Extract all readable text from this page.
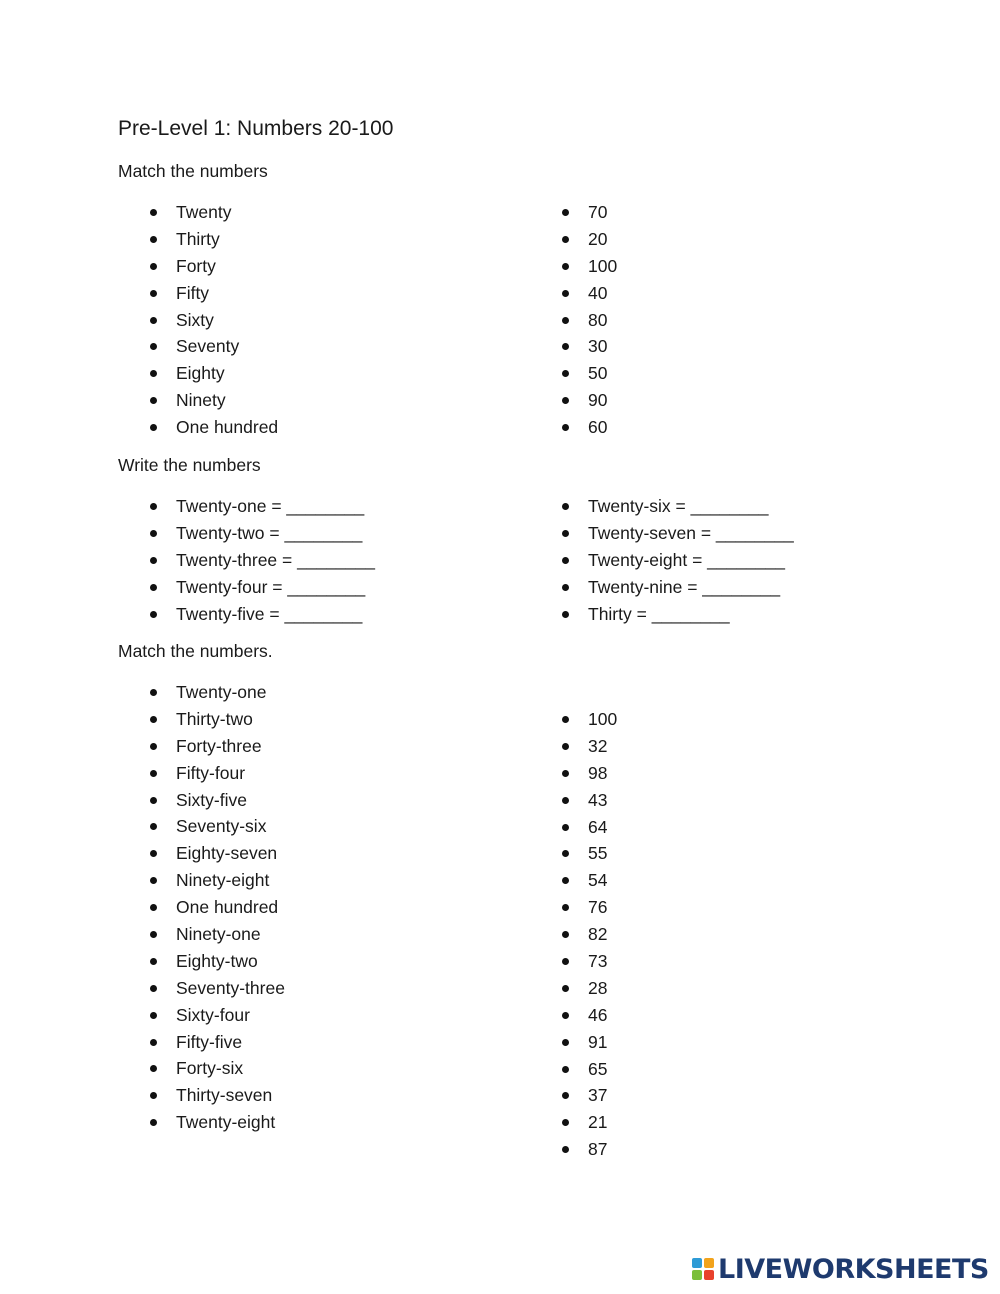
Pre-Level 1: Numbers 20-100

Match the numbers

Twenty
Thirty
Forty
Fifty
Sixty
Seventy
Eighty
Ninety
One hundred
70
20
100
40
80
30
50
90
60

Write the numbers

Twenty-one = ________
Twenty-two = ________
Twenty-three = ________
Twenty-four = ________
Twenty-five = ________
Twenty-six = ________
Twenty-seven = ________
Twenty-eight = ________
Twenty-nine = ________
Thirty = ________

Match the numbers.

Twenty-one
Thirty-two
Forty-three
Fifty-four
Sixty-five
Seventy-six
Eighty-seven
Ninety-eight
One hundred
Ninety-one
Eighty-two
Seventy-three
Sixty-four
Fifty-five
Forty-six
Thirty-seven
Twenty-eight
100
32
98
43
64
55
54
76
82
73
28
46
91
65
37
21
87
LIVEWORKSHEETS
